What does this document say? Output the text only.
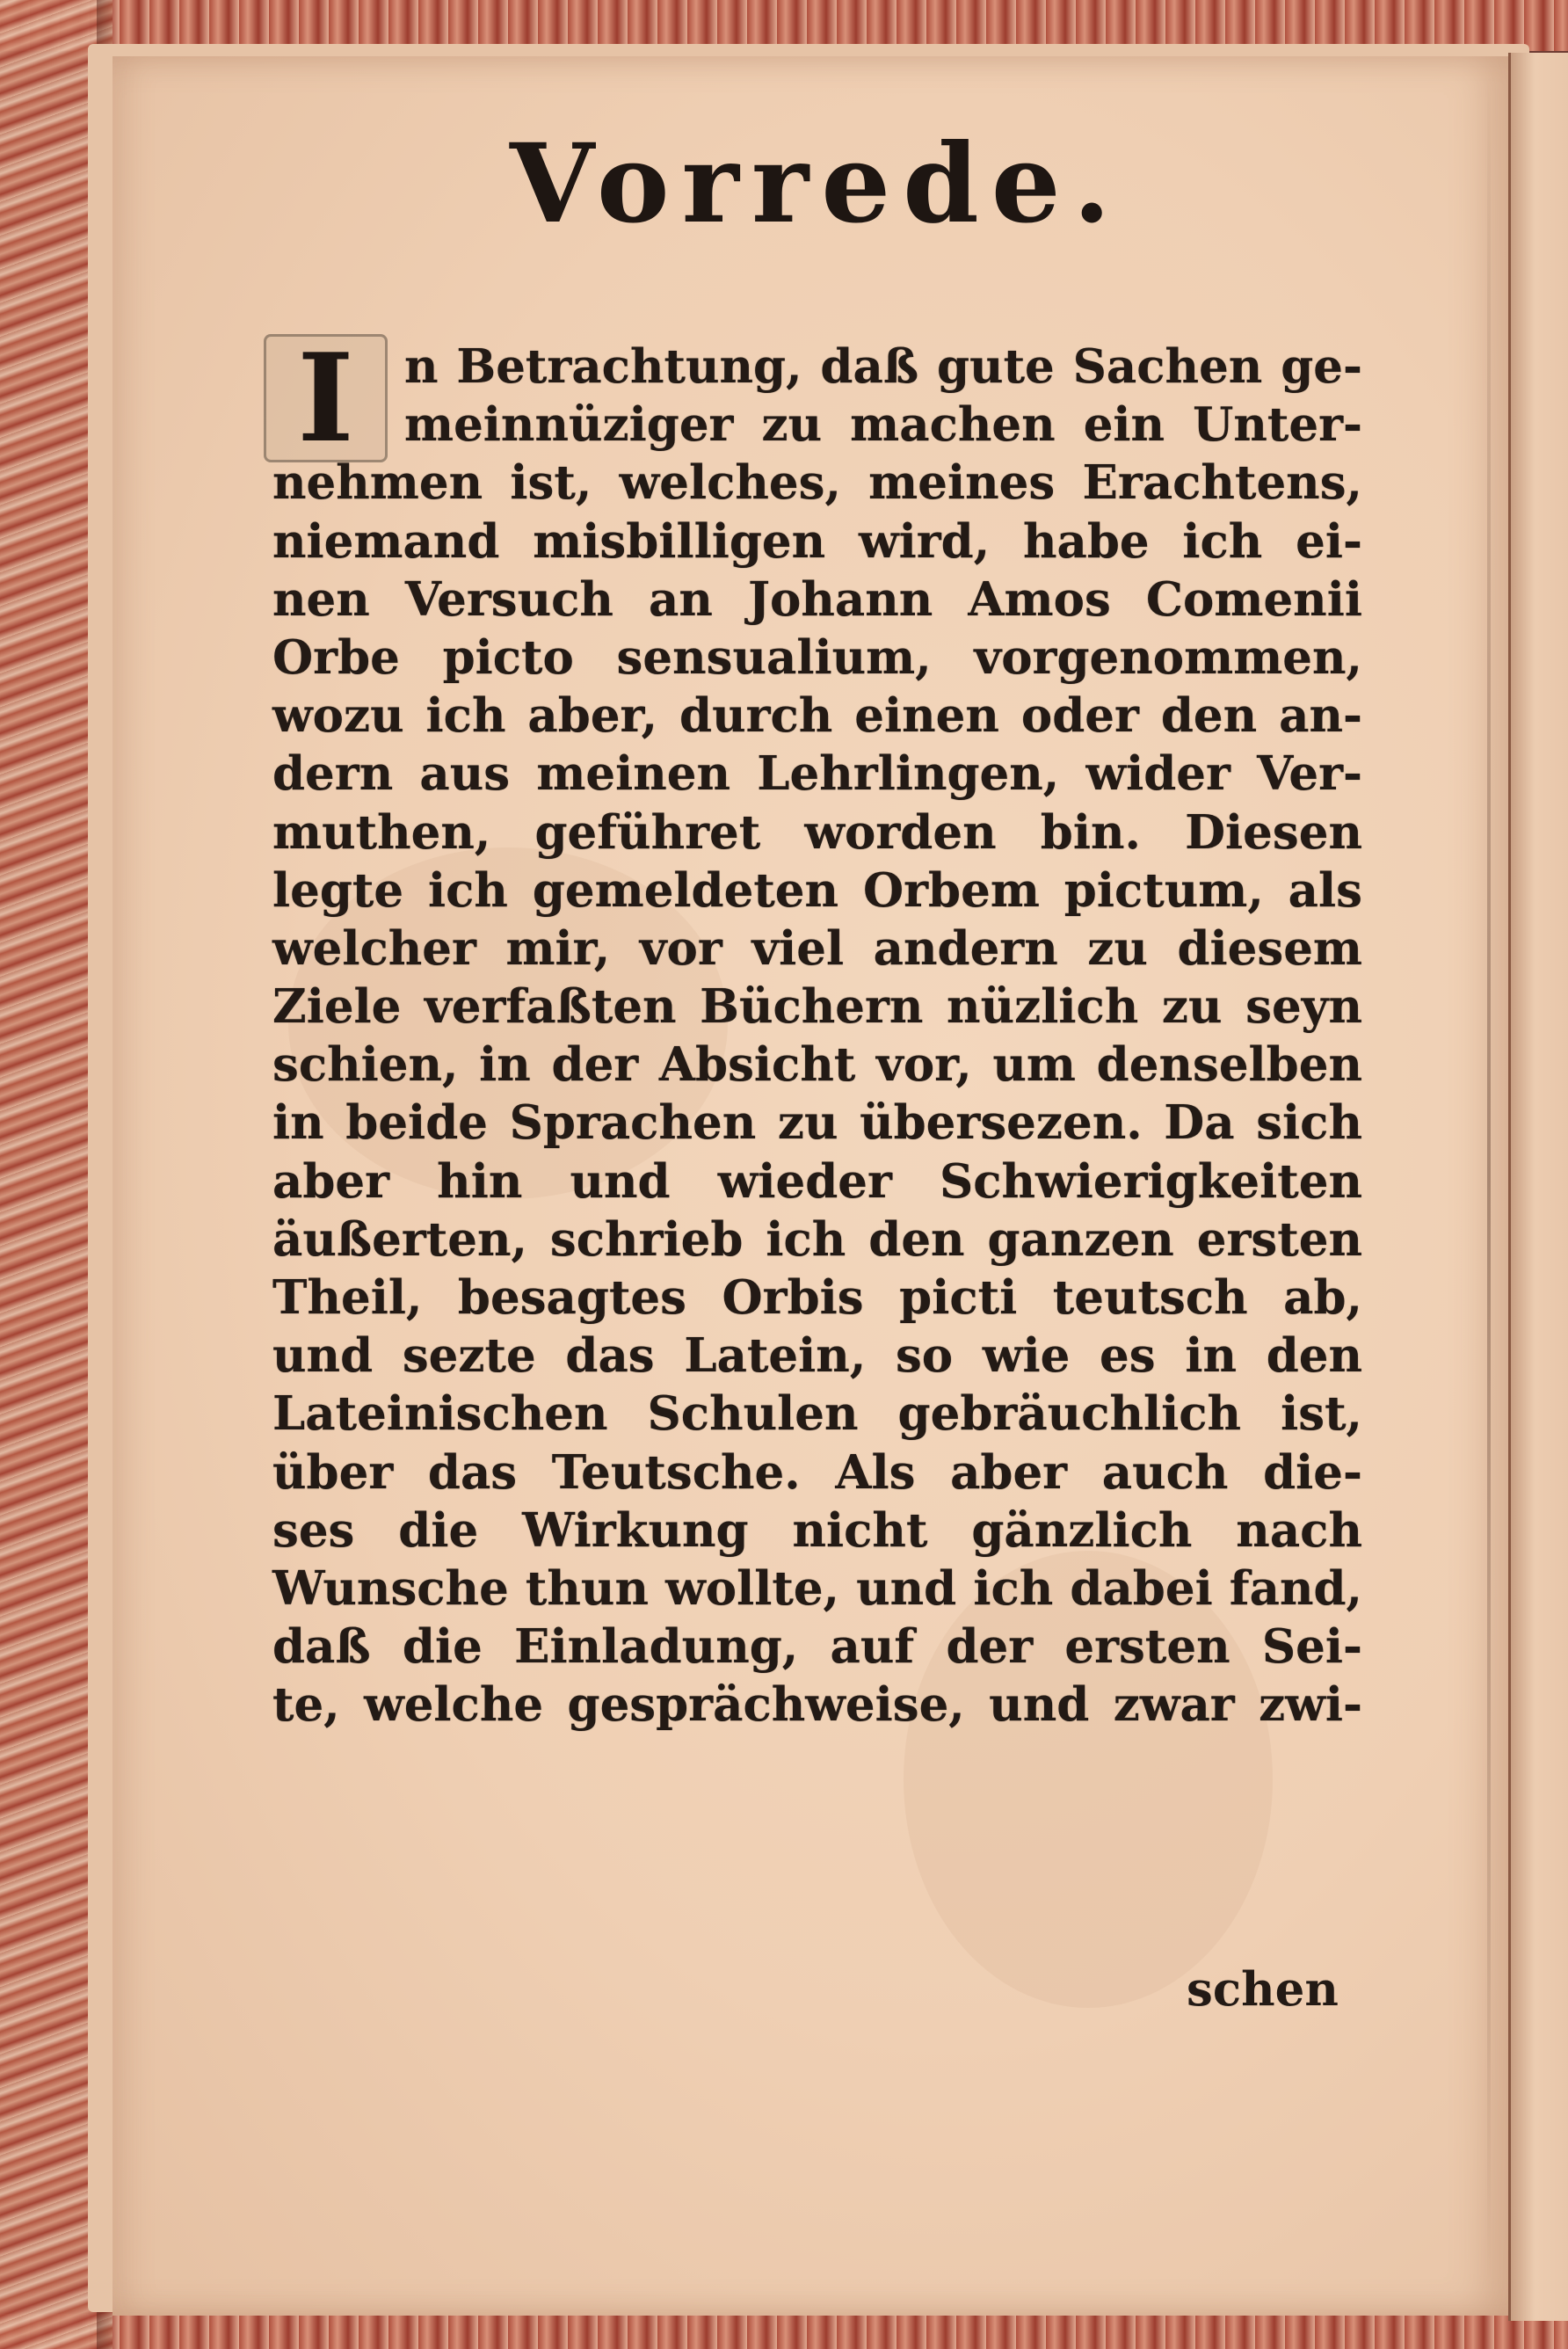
Vorrede.
I	n Betrachtung, daß gute Sachen ge-
meinnüziger zu machen ein Unter-
nehmen ist, welches, meines Erachtens,
niemand misbilligen wird, habe ich ei-
nen Versuch an Johann Amos Comenii
Orbe picto sensualium, vorgenommen,
wozu ich aber, durch einen oder den an-
dern aus meinen Lehrlingen, wider Ver-
muthen, geführet worden bin. Diesen
legte ich gemeldeten Orbem pictum, als
welcher mir, vor viel andern zu diesem
Ziele verfaßten Büchern nüzlich zu seyn
schien, in der Absicht vor, um denselben
in beide Sprachen zu übersezen. Da sich
aber hin und wieder Schwierigkeiten
äußerten, schrieb ich den ganzen ersten
Theil, besagtes Orbis picti teutsch ab,
und sezte das Latein, so wie es in den
Lateinischen Schulen gebräuchlich ist,
über das Teutsche. Als aber auch die-
ses die Wirkung nicht gänzlich nach
Wunsche thun wollte, und ich dabei fand,
daß die Einladung, auf der ersten Sei-
te, welche gesprächweise, und zwar zwi-
schen
